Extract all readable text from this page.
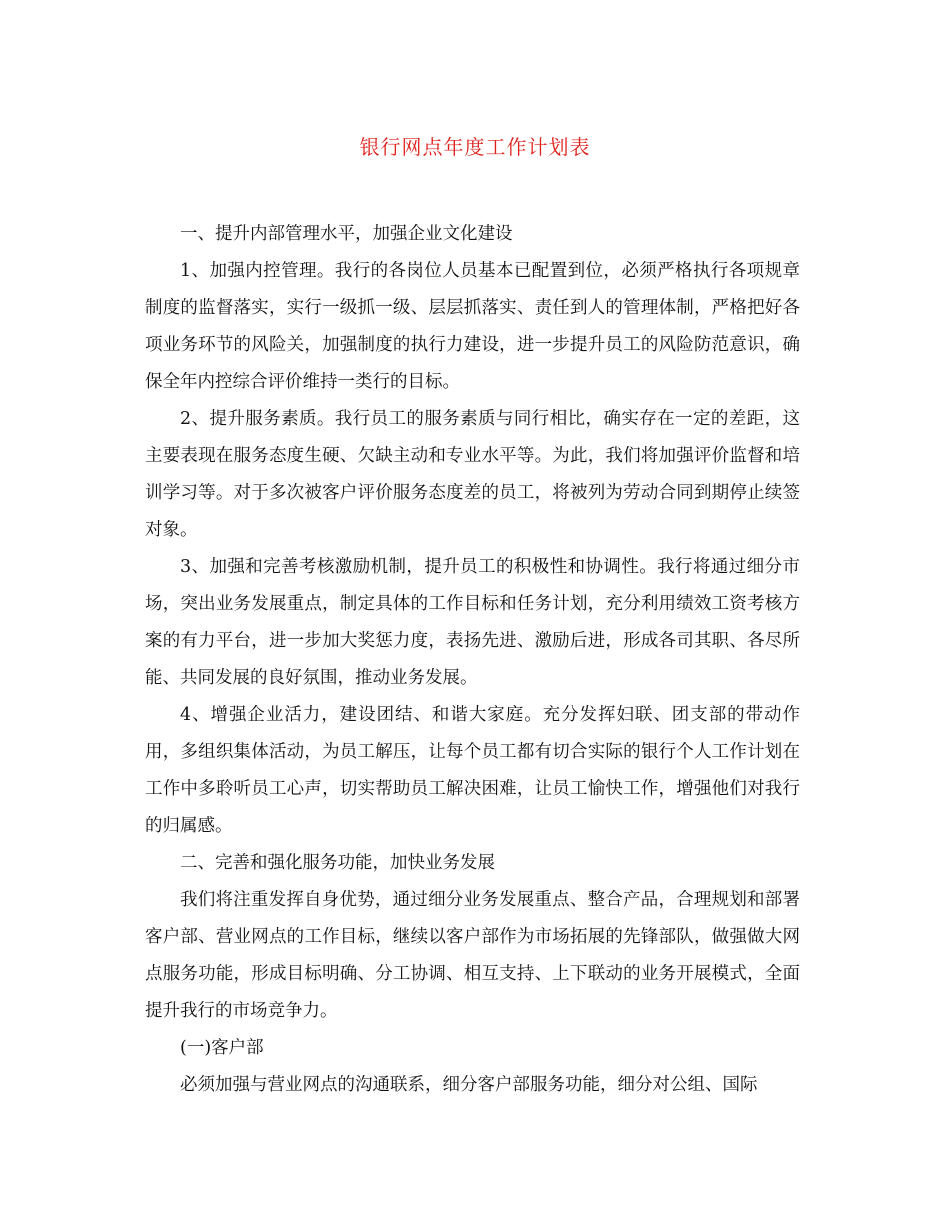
银行网点年度工作计划表

一、提升内部管理水平，加强企业文化建设

1、加强内控管理。我行的各岗位人员基本已配置到位，必须严格执行各项规章制度的监督落实，实行一级抓一级、层层抓落实、责任到人的管理体制，严格把好各项业务环节的风险关，加强制度的执行力建设，进一步提升员工的风险防范意识，确保全年内控综合评价维持一类行的目标。

2、提升服务素质。我行员工的服务素质与同行相比，确实存在一定的差距，这主要表现在服务态度生硬、欠缺主动和专业水平等。为此，我们将加强评价监督和培训学习等。对于多次被客户评价服务态度差的员工，将被列为劳动合同到期停止续签对象。

3、加强和完善考核激励机制，提升员工的积极性和协调性。我行将通过细分市场，突出业务发展重点，制定具体的工作目标和任务计划，充分利用绩效工资考核方案的有力平台，进一步加大奖惩力度，表扬先进、激励后进，形成各司其职、各尽所能、共同发展的良好氛围，推动业务发展。

4、增强企业活力，建设团结、和谐大家庭。充分发挥妇联、团支部的带动作用，多组织集体活动，为员工解压，让每个员工都有切合实际的银行个人工作计划在工作中多聆听员工心声，切实帮助员工解决困难，让员工愉快工作，增强他们对我行的归属感。

二、完善和强化服务功能，加快业务发展

我们将注重发挥自身优势，通过细分业务发展重点、整合产品，合理规划和部署客户部、营业网点的工作目标，继续以客户部作为市场拓展的先锋部队，做强做大网点服务功能，形成目标明确、分工协调、相互支持、上下联动的业务开展模式，全面提升我行的市场竞争力。

(一)客户部

必须加强与营业网点的沟通联系，细分客户部服务功能，细分对公组、国际
